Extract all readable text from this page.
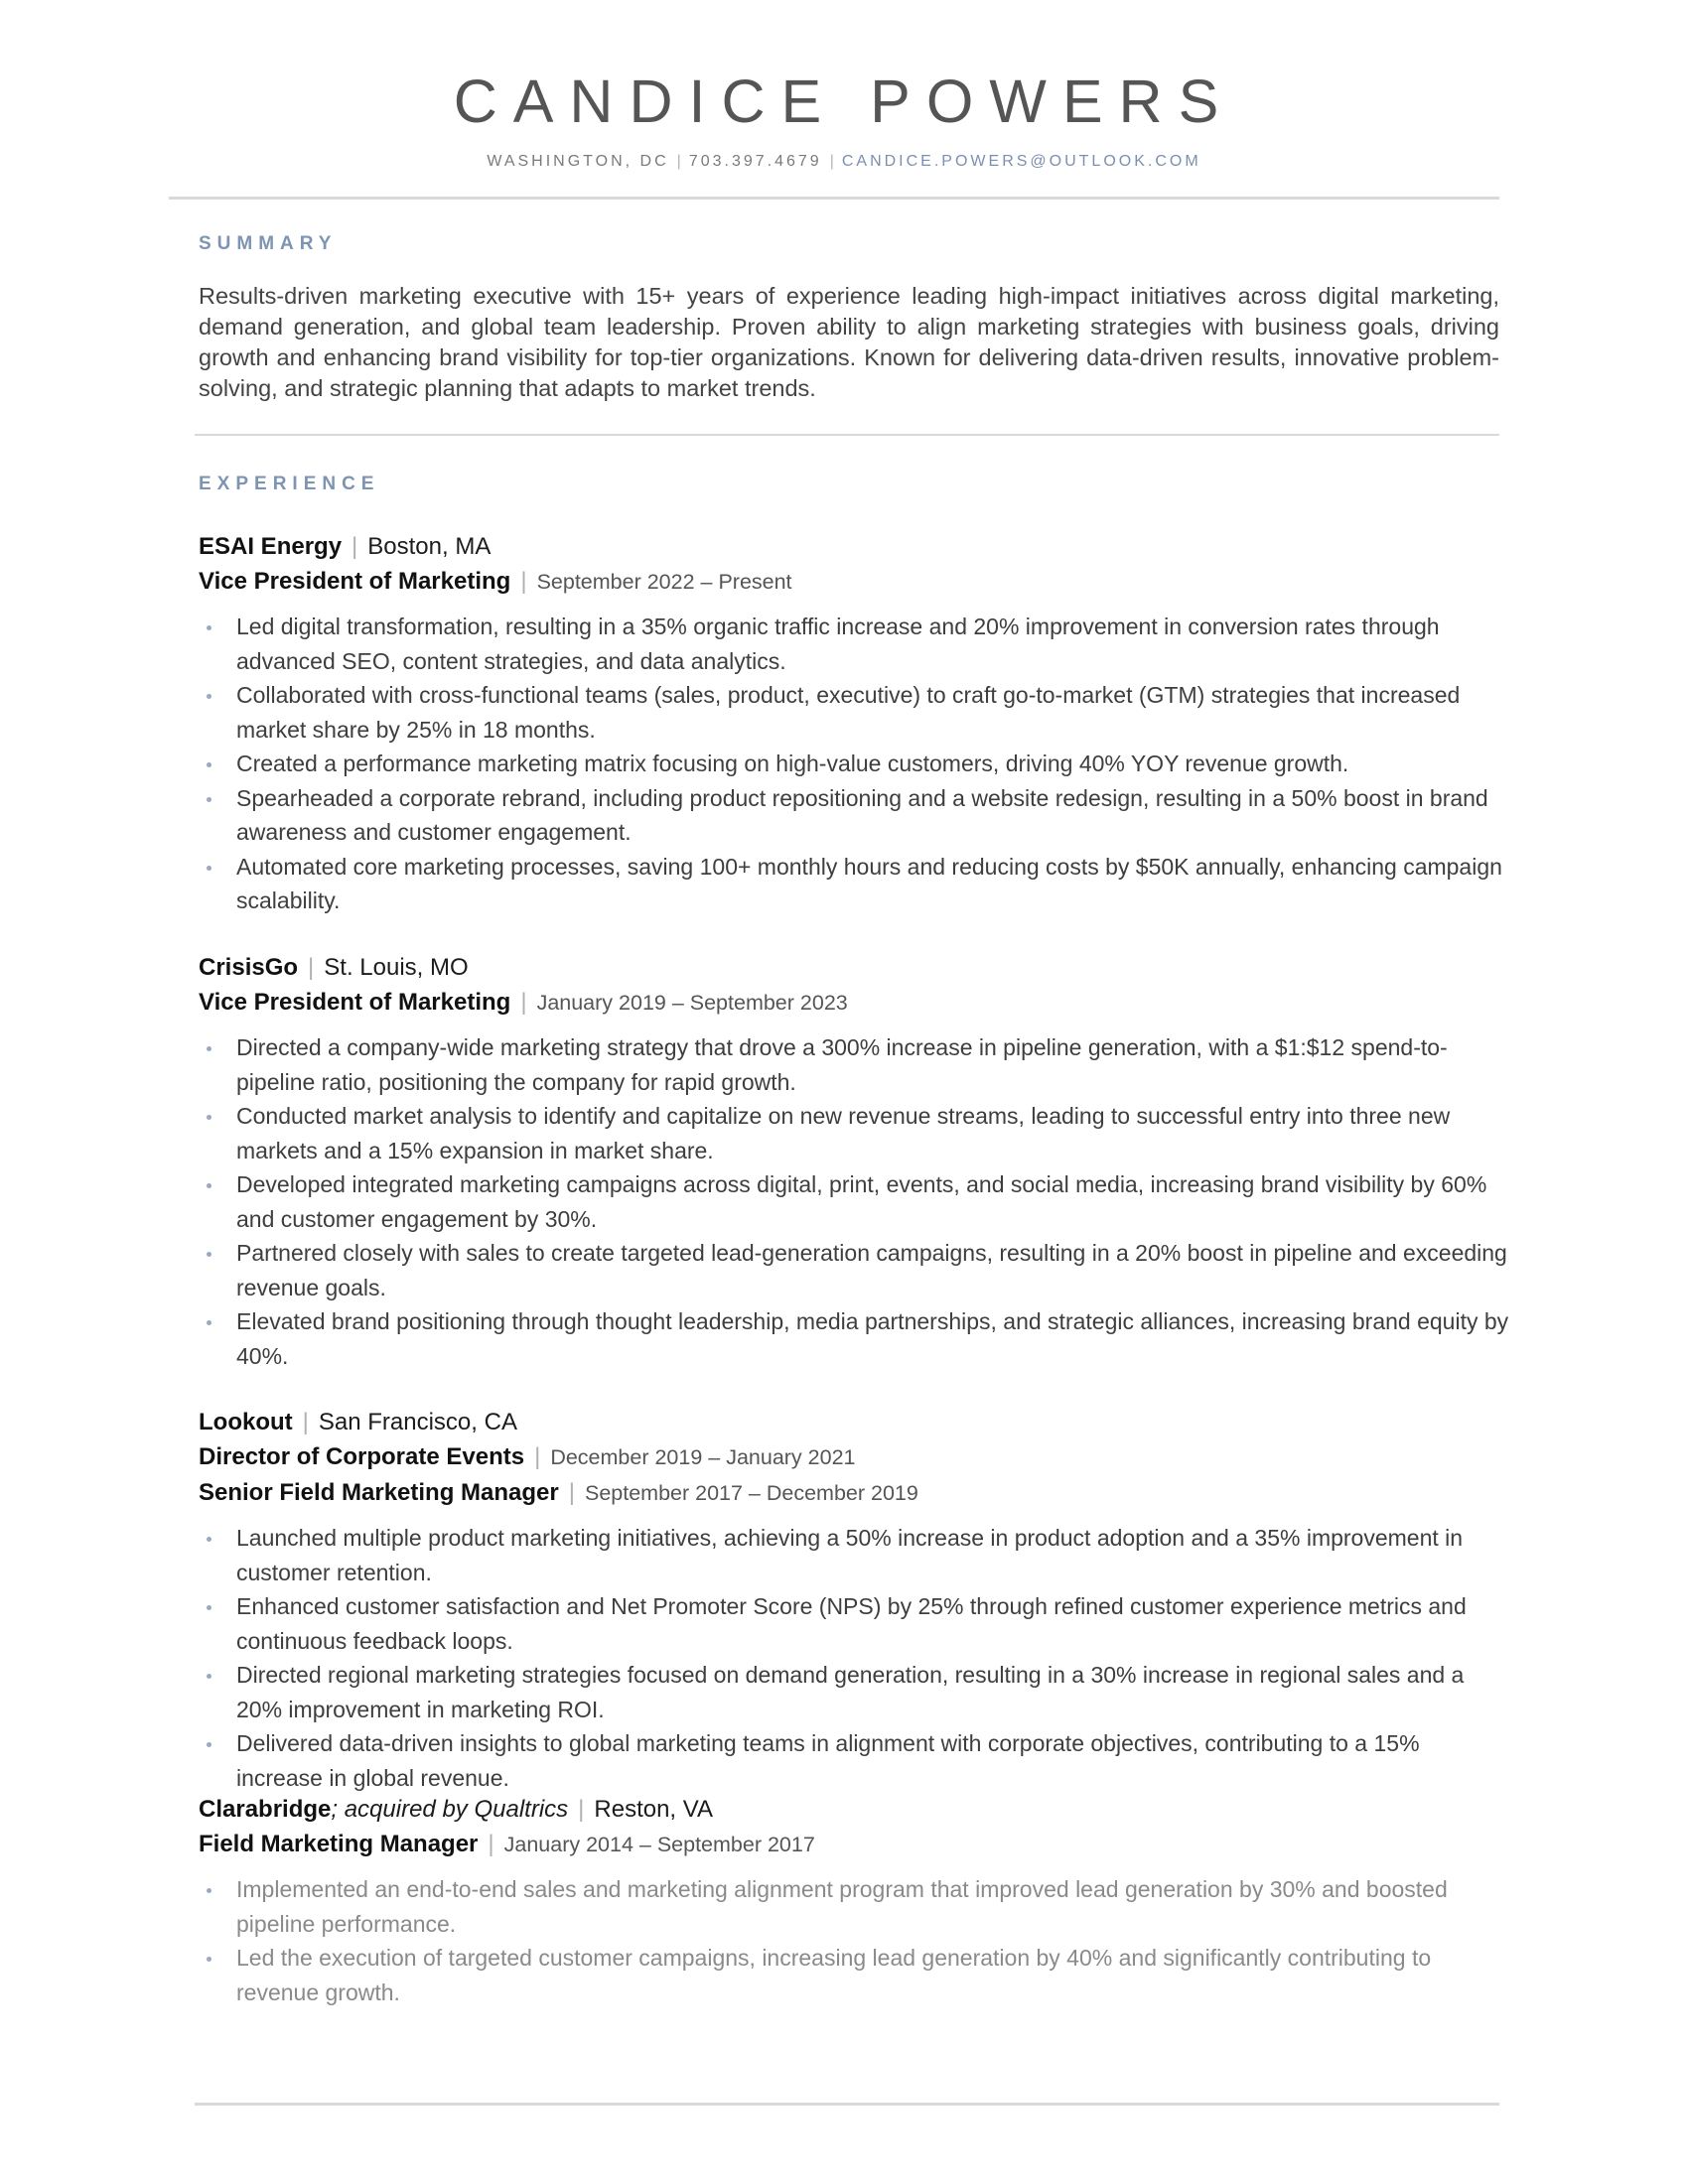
CANDICE POWERS
WASHINGTON, DC | 703.397.4679 | CANDICE.POWERS@OUTLOOK.COM
SUMMARY
Results-driven marketing executive with 15+ years of experience leading high-impact initiatives across digital marketing, demand generation, and global team leadership. Proven ability to align marketing strategies with business goals, driving growth and enhancing brand visibility for top-tier organizations. Known for delivering data-driven results, innovative problem-solving, and strategic planning that adapts to market trends.
EXPERIENCE
ESAI Energy | Boston, MA
Vice President of Marketing | September 2022 – Present
Led digital transformation, resulting in a 35% organic traffic increase and 20% improvement in conversion rates through advanced SEO, content strategies, and data analytics.
Collaborated with cross-functional teams (sales, product, executive) to craft go-to-market (GTM) strategies that increased market share by 25% in 18 months.
Created a performance marketing matrix focusing on high-value customers, driving 40% YOY revenue growth.
Spearheaded a corporate rebrand, including product repositioning and a website redesign, resulting in a 50% boost in brand awareness and customer engagement.
Automated core marketing processes, saving 100+ monthly hours and reducing costs by $50K annually, enhancing campaign scalability.
CrisisGo | St. Louis, MO
Vice President of Marketing | January 2019 – September 2023
Directed a company-wide marketing strategy that drove a 300% increase in pipeline generation, with a $1:$12 spend-to-pipeline ratio, positioning the company for rapid growth.
Conducted market analysis to identify and capitalize on new revenue streams, leading to successful entry into three new markets and a 15% expansion in market share.
Developed integrated marketing campaigns across digital, print, events, and social media, increasing brand visibility by 60% and customer engagement by 30%.
Partnered closely with sales to create targeted lead-generation campaigns, resulting in a 20% boost in pipeline and exceeding revenue goals.
Elevated brand positioning through thought leadership, media partnerships, and strategic alliances, increasing brand equity by 40%.
Lookout | San Francisco, CA
Director of Corporate Events | December 2019 – January 2021
Senior Field Marketing Manager | September 2017 – December 2019
Launched multiple product marketing initiatives, achieving a 50% increase in product adoption and a 35% improvement in customer retention.
Enhanced customer satisfaction and Net Promoter Score (NPS) by 25% through refined customer experience metrics and continuous feedback loops.
Directed regional marketing strategies focused on demand generation, resulting in a 30% increase in regional sales and a 20% improvement in marketing ROI.
Delivered data-driven insights to global marketing teams in alignment with corporate objectives, contributing to a 15% increase in global revenue.
Clarabridge; acquired by Qualtrics | Reston, VA
Field Marketing Manager | January 2014 – September 2017
Implemented an end-to-end sales and marketing alignment program that improved lead generation by 30% and boosted pipeline performance.
Led the execution of targeted customer campaigns, increasing lead generation by 40% and significantly contributing to revenue growth.
